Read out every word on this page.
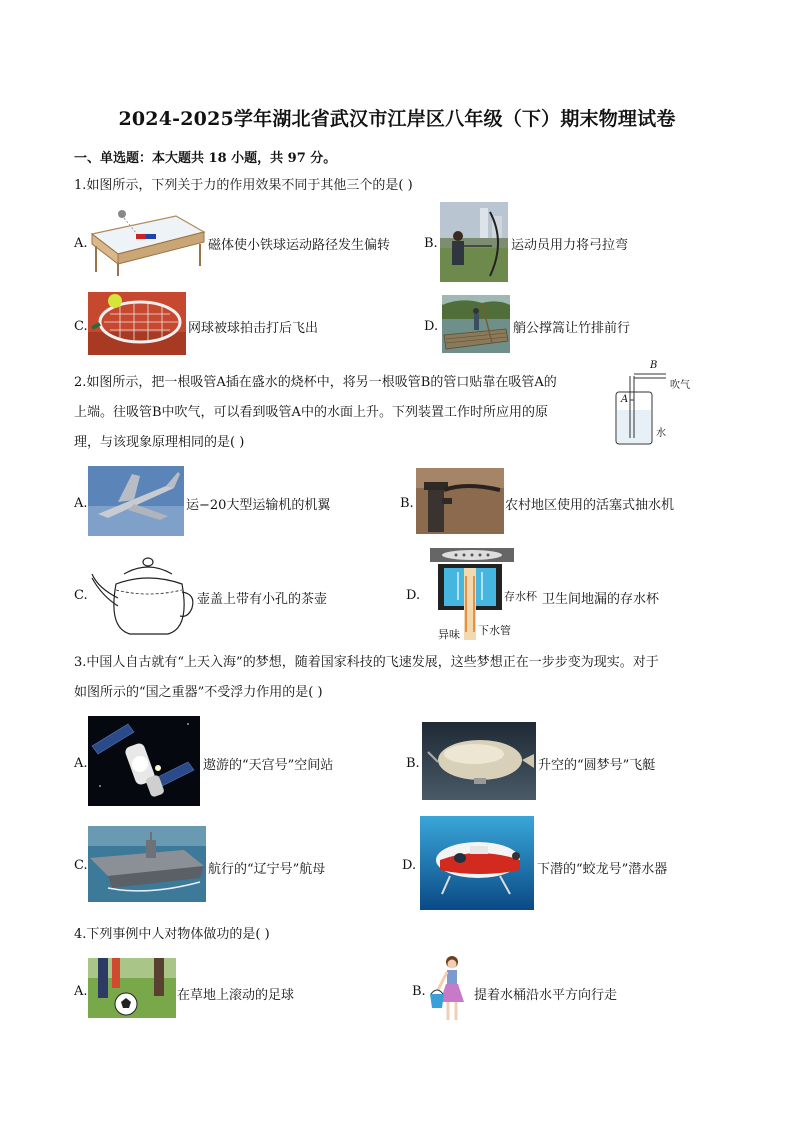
2024-2025学年湖北省武汉市江岸区八年级（下）期末物理试卷
一、单选题：本大题共 18 小题，共 97 分。
1.如图所示，下列关于力的作用效果不同于其他三个的是( )
A.	磁体使小铁球运动路径发生偏转	B.	运动员用力将弓拉弯
C.	网球被球拍击打后飞出	D.	艄公撑篙让竹排前行
2.如图所示，把一根吸管A插在盛水的烧杯中，将另一根吸管B的管口贴靠在吸管A的
上端。往吸管B中吹气，可以看到吸管A中的水面上升。下列装置工作时所应用的原
理，与该现象原理相同的是( )
B
吹气
A
水
A.	运−20大型运输机的机翼	B.	农村地区使用的活塞式抽水机
C.	壶盖上带有小孔的茶壶	D.	存水杯
异味 下水管
卫生间地漏的存水杯
3.中国人自古就有“上天入海”的梦想，随着国家科技的飞速发展，这些梦想正在一步步变为现实。对于
如图所示的“国之重器”不受浮力作用的是( )
A.	遨游的“天宫号”空间站	B.	升空的“圆梦号”飞艇
C.	航行的“辽宁号”航母	D.	下潜的“蛟龙号”潜水器
4.下列事例中人对物体做功的是( )
A.	在草地上滚动的足球	B.	提着水桶沿水平方向行走
